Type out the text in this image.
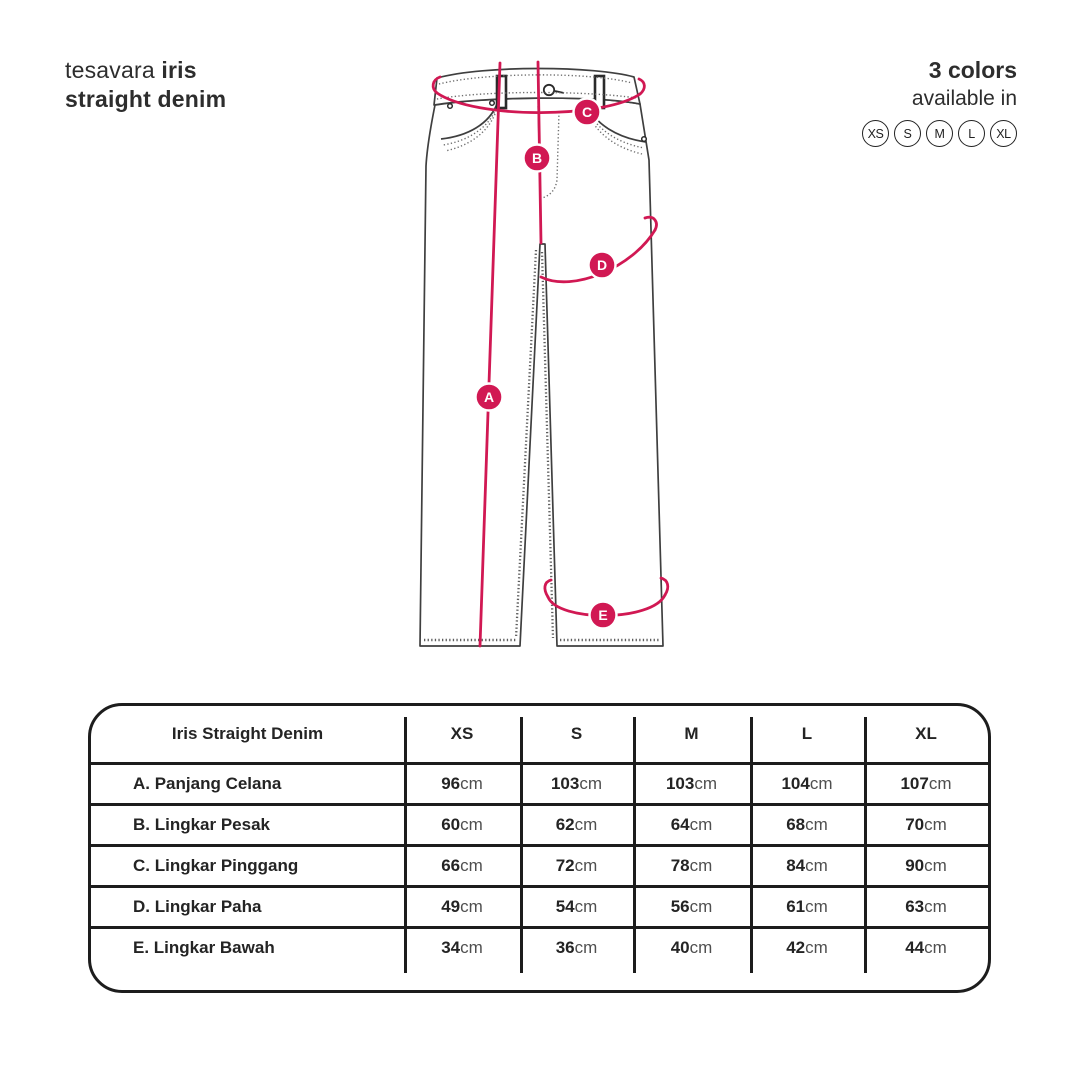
tesavara iris
straight denim
3 colors
available in
XS	S	M	L	XL
A
B
C
D
E
Iris Straight Denim	XS	S	M	L	XL
A. Panjang Celana	96cm	103cm	103cm	104cm	107cm
B. Lingkar Pesak	60cm	62cm	64cm	68cm	70cm
C. Lingkar Pinggang	66cm	72cm	78cm	84cm	90cm
D. Lingkar Paha	49cm	54cm	56cm	61cm	63cm
E. Lingkar Bawah	34cm	36cm	40cm	42cm	44cm
